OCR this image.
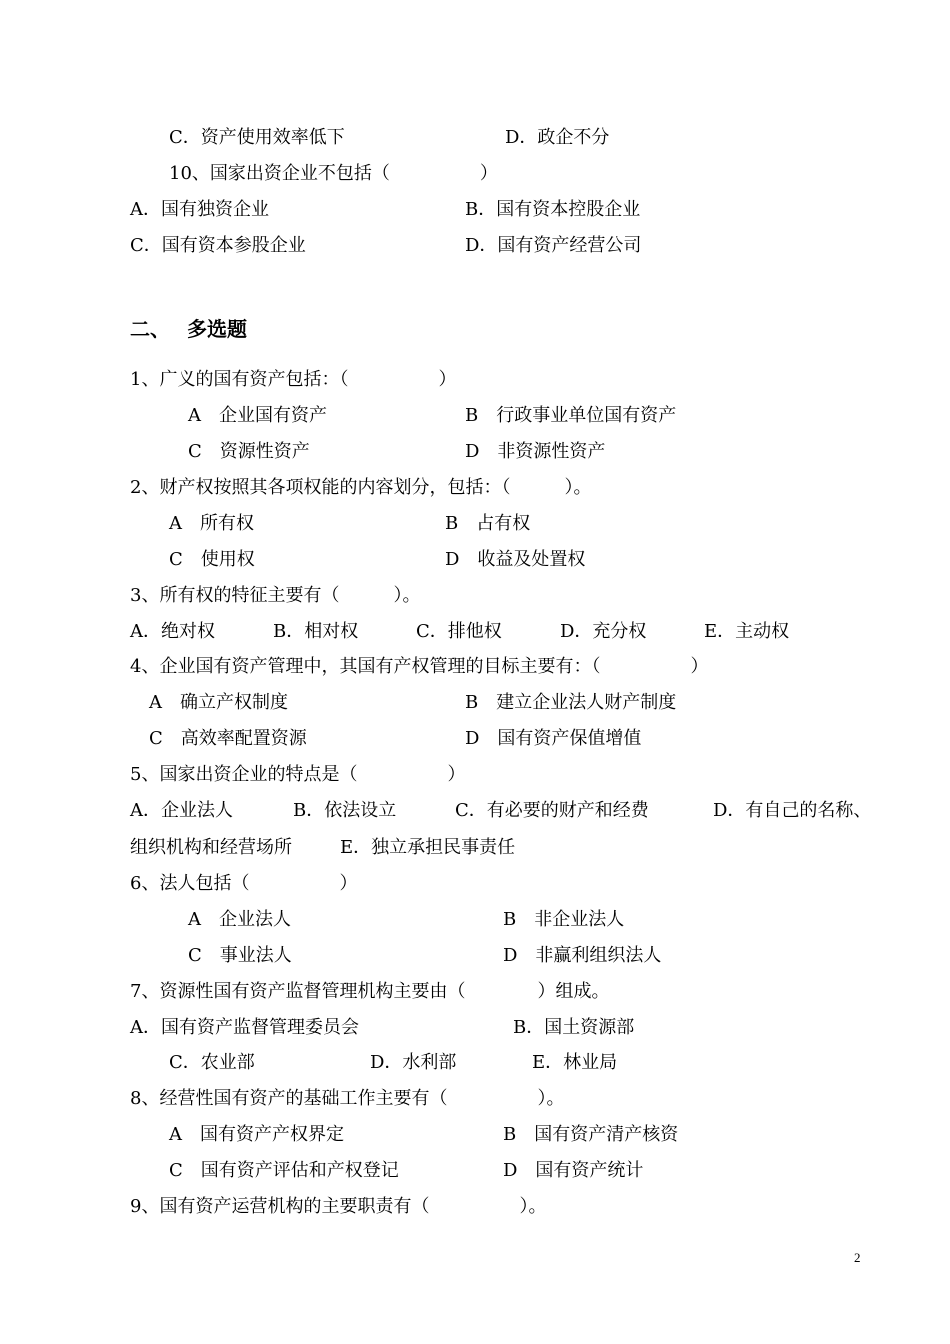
C．资产使用效率低下	D．政企不分
10、国家出资企业不包括（　　　　　）
A．国有独资企业	B．国有资本控股企业
C．国有资本参股企业	D．国有资产经营公司
二、 多选题
1、广义的国有资产包括：（　　　　　）
A　企业国有资产	B　行政事业单位国有资产
C　资源性资产	D　非资源性资产
2、财产权按照其各项权能的内容划分，包括：（　　　）。
A　所有权	B　占有权
C　使用权	D　收益及处置权
3、所有权的特征主要有（　　　）。
A．绝对权	B．相对权	C．排他权	D．充分权	E．主动权
4、企业国有资产管理中，其国有产权管理的目标主要有：（　　　　　）
A　确立产权制度	B　建立企业法人财产制度
C　高效率配置资源	D　国有资产保值增值
5、国家出资企业的特点是（　　　　　）
A．企业法人	B．依法设立	C．有必要的财产和经费	D．有自己的名称、
组织机构和经营场所	E．独立承担民事责任
6、法人包括（　　　　　）
A　企业法人	B　非企业法人
C　事业法人	D　非赢利组织法人
7、资源性国有资产监督管理机构主要由（　　　　）组成。
A．国有资产监督管理委员会	B．国土资源部
C．农业部	D．水利部	E．林业局
8、经营性国有资产的基础工作主要有（　　　　　）。
A　国有资产产权界定	B　国有资产清产核资
C　国有资产评估和产权登记	D　国有资产统计
9、国有资产运营机构的主要职责有（　　　　　）。
2
